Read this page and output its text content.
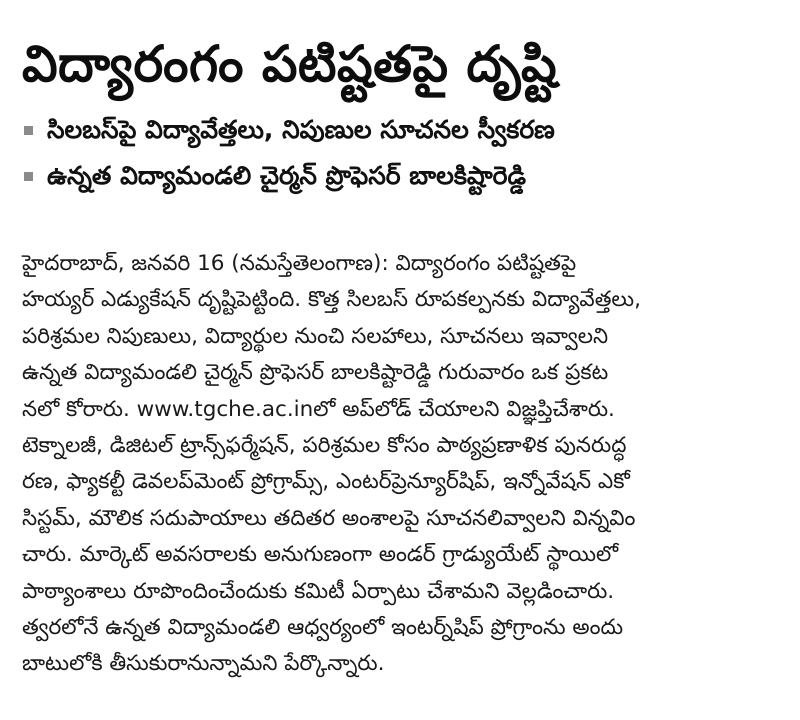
విద్యారంగం పటిష్టతపై దృష్టి
సిలబస్‌పై విద్యావేత్తలు, నిపుణుల సూచనల స్వీకరణ
ఉన్నత విద్యామండలి చైర్మన్‌ ప్రొఫెసర్‌ బాలకిష్టారెడ్డి
హైదరాబాద్‌, జనవరి 16 (నమస్తేతెలంగాణ): విద్యారంగం పటిష్టతపై
హయ్యర్‌ ఎడ్యుకేషన్‌ దృష్టిపెట్టింది. కొత్త సిలబస్‌ రూపకల్పనకు విద్యావేత్తలు,
పరిశ్రమల నిపుణులు, విద్యార్థుల నుంచి సలహాలు, సూచనలు ఇవ్వాలని
ఉన్నత విద్యామండలి చైర్మన్‌ ప్రొఫెసర్‌ బాలకిష్టారెడ్డి గురువారం ఒక ప్రకట
నలో కోరారు. www.tgche.ac.inలో అప్‌లోడ్‌ చేయాలని విజ్ఞప్తిచేశారు.
టెక్నాలజీ, డిజిటల్‌ ట్రాన్స్‌ఫర్మేషన్‌, పరిశ్రమల కోసం పాఠ్యప్రణాళిక పునరుద్ధ
రణ, ఫ్యాకల్టీ డెవలప్‌మెంట్‌ ప్రోగ్రామ్స్‌, ఎంటర్‌ప్రెన్యూర్‌షిప్‌, ఇన్నోవేషన్‌ ఎకో
సిస్టమ్‌, మౌలిక సదుపాయాలు తదితర అంశాలపై సూచనలివ్వాలని విన్నవిం
చారు. మార్కెట్‌ అవసరాలకు అనుగుణంగా అండర్‌ గ్రాడ్యుయేట్‌ స్థాయిలో
పాఠ్యాంశాలు రూపొందించేందుకు కమిటీ ఏర్పాటు చేశామని వెల్లడించారు.
త్వరలోనే ఉన్నత విద్యామండలి ఆధ్వర్యంలో ఇంటర్న్‌షిప్‌ ప్రోగ్రాంను అందు
బాటులోకి తీసుకురానున్నామని పేర్కొన్నారు.
